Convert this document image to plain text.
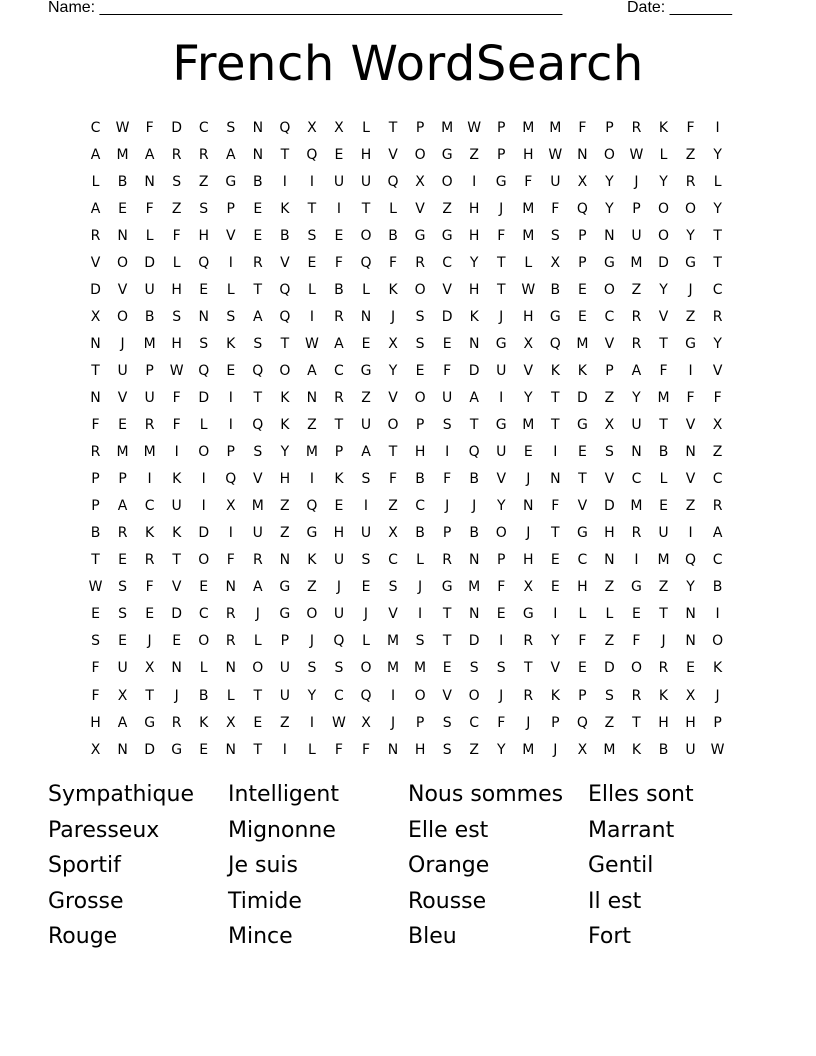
Name: ____________________________________________________	Date: _______
French WordSearch
C	W	F	D	C	S	N	Q	X	X	L	T	P	M	W	P	M	M	F	P	R	K	F	I
A	M	A	R	R	A	N	T	Q	E	H	V	O	G	Z	P	H	W	N	O	W	L	Z	Y
L	B	N	S	Z	G	B	I	I	U	U	Q	X	O	I	G	F	U	X	Y	J	Y	R	L
A	E	F	Z	S	P	E	K	T	I	T	L	V	Z	H	J	M	F	Q	Y	P	O	O	Y
R	N	L	F	H	V	E	B	S	E	O	B	G	G	H	F	M	S	P	N	U	O	Y	T
V	O	D	L	Q	I	R	V	E	F	Q	F	R	C	Y	T	L	X	P	G	M	D	G	T
D	V	U	H	E	L	T	Q	L	B	L	K	O	V	H	T	W	B	E	O	Z	Y	J	C
X	O	B	S	N	S	A	Q	I	R	N	J	S	D	K	J	H	G	E	C	R	V	Z	R
N	J	M	H	S	K	S	T	W	A	E	X	S	E	N	G	X	Q	M	V	R	T	G	Y
T	U	P	W	Q	E	Q	O	A	C	G	Y	E	F	D	U	V	K	K	P	A	F	I	V
N	V	U	F	D	I	T	K	N	R	Z	V	O	U	A	I	Y	T	D	Z	Y	M	F	F
F	E	R	F	L	I	Q	K	Z	T	U	O	P	S	T	G	M	T	G	X	U	T	V	X
R	M	M	I	O	P	S	Y	M	P	A	T	H	I	Q	U	E	I	E	S	N	B	N	Z
P	P	I	K	I	Q	V	H	I	K	S	F	B	F	B	V	J	N	T	V	C	L	V	C
P	A	C	U	I	X	M	Z	Q	E	I	Z	C	J	J	Y	N	F	V	D	M	E	Z	R
B	R	K	K	D	I	U	Z	G	H	U	X	B	P	B	O	J	T	G	H	R	U	I	A
T	E	R	T	O	F	R	N	K	U	S	C	L	R	N	P	H	E	C	N	I	M	Q	C
W	S	F	V	E	N	A	G	Z	J	E	S	J	G	M	F	X	E	H	Z	G	Z	Y	B
E	S	E	D	C	R	J	G	O	U	J	V	I	T	N	E	G	I	L	L	E	T	N	I
S	E	J	E	O	R	L	P	J	Q	L	M	S	T	D	I	R	Y	F	Z	F	J	N	O
F	U	X	N	L	N	O	U	S	S	O	M	M	E	S	S	T	V	E	D	O	R	E	K
F	X	T	J	B	L	T	U	Y	C	Q	I	O	V	O	J	R	K	P	S	R	K	X	J
H	A	G	R	K	X	E	Z	I	W	X	J	P	S	C	F	J	P	Q	Z	T	H	H	P
X	N	D	G	E	N	T	I	L	F	F	N	H	S	Z	Y	M	J	X	M	K	B	U	W
Sympathique	Intelligent	Nous sommes	Elles sont
Paresseux	Mignonne	Elle est	Marrant
Sportif	Je suis	Orange	Gentil
Grosse	Timide	Rousse	Il est
Rouge	Mince	Bleu	Fort
